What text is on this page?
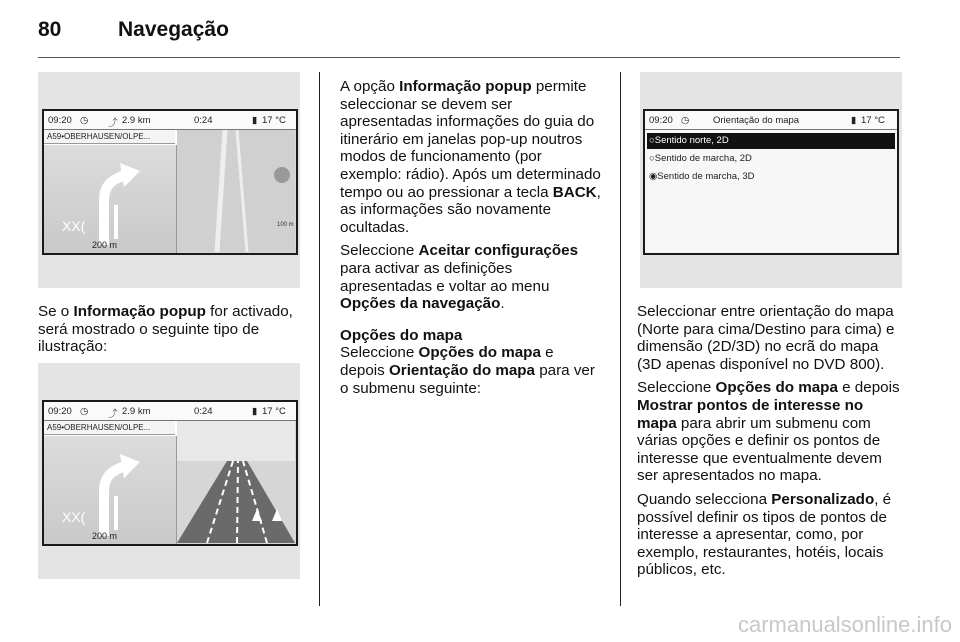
80	Navegação
09:20 ◷ ⤴ 2.9 km	0:24	▮ 17 °C
A59•OBERHAUSEN/OLPE...
XX(
200 m
100 m

Se o Informação popup for activado, será mostrado o seguinte tipo de ilustração:

09:20 ◷ ⤴ 2.9 km	0:24	▮ 17 °C
A59•OBERHAUSEN/OLPE...
XX(
200 m

A opção Informação popup permite seleccionar se devem ser apresentadas informações do guia do itinerário em janelas pop-up noutros modos de funcionamento (por exemplo: rádio). Após um determinado tempo ou ao pressionar a tecla BACK, as informações são novamente ocultadas.

Seleccione Aceitar configurações para activar as definições apresentadas e voltar ao menu Opções da navegação.

Opções do mapa

Seleccione Opções do mapa e depois Orientação do mapa para ver o submenu seguinte:

09:20 ◷ Orientação do mapa	▮ 17 °C
○Sentido norte, 2D
○Sentido de marcha, 2D
◉Sentido de marcha, 3D

Seleccionar entre orientação do mapa (Norte para cima/Destino para cima) e dimensão (2D/3D) no ecrã do mapa (3D apenas disponível no DVD 800).

Seleccione Opções do mapa e depois Mostrar pontos de interesse no mapa para abrir um submenu com várias opções e definir os pontos de interesse que eventualmente devem ser apresentados no mapa.

Quando selecciona Personalizado, é possível definir os tipos de pontos de interesse a apresentar, como, por exemplo, restaurantes, hotéis, locais públicos, etc.

carmanualsonline.info
